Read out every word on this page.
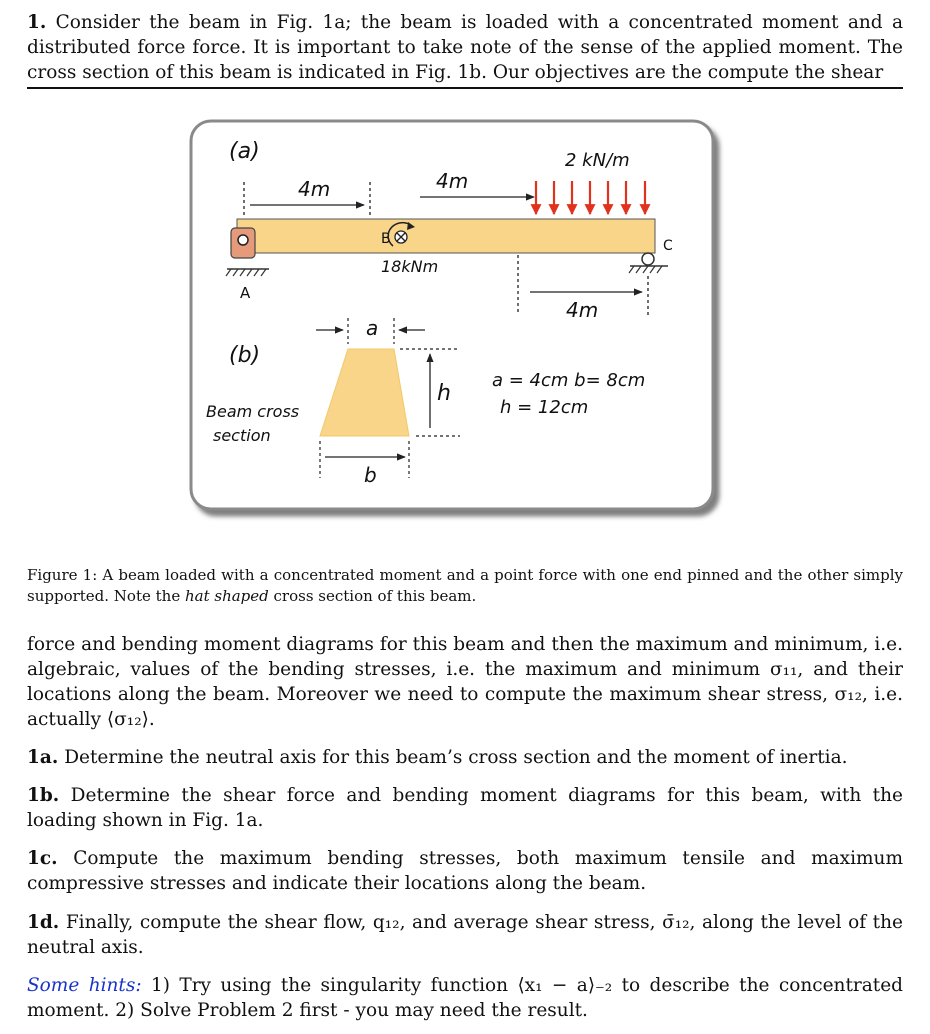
1. Consider the beam in Fig. 1a; the beam is loaded with a concentrated moment and a distributed force force. It is important to take note of the sense of the applied moment. The cross section of this beam is indicated in Fig. 1b. Our objectives are the compute the shear
(a)
(b)
4m	4m
4m
2 kN/m
A
C
B
18kNm
Beam cross
section
a
h
b
a = 4cm b= 8cm
h = 12cm
Figure 1: A beam loaded with a concentrated moment and a point force with one end pinned and the other simply supported. Note the hat shaped cross section of this beam.
force and bending moment diagrams for this beam and then the maximum and minimum, i.e. algebraic, values of the bending stresses, i.e. the maximum and minimum σ₁₁, and their locations along the beam. Moreover we need to compute the maximum shear stress, σ₁₂, i.e. actually ⟨σ₁₂⟩.
1a. Determine the neutral axis for this beam’s cross section and the moment of inertia.
1b. Determine the shear force and bending moment diagrams for this beam, with the loading shown in Fig. 1a.
1c. Compute the maximum bending stresses, both maximum tensile and maximum compressive stresses and indicate their locations along the beam.
1d. Finally, compute the shear flow, q₁₂, and average shear stress, σ̄₁₂, along the level of the neutral axis.
Some hints: 1) Try using the singularity function ⟨x₁ − a⟩₋₂ to describe the concentrated moment. 2) Solve Problem 2 first - you may need the result.
